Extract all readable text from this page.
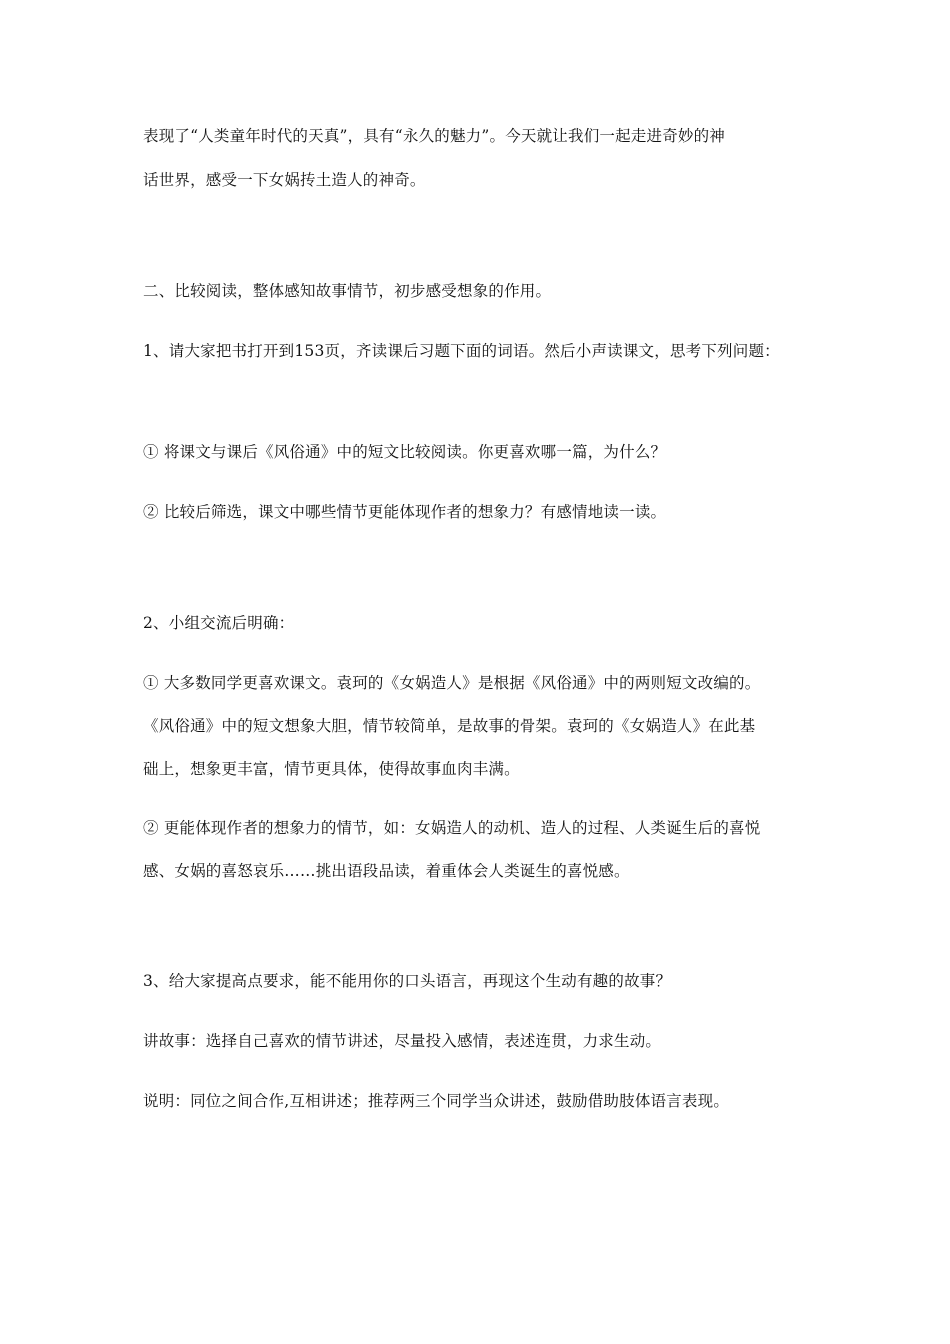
表现了“人类童年时代的天真”，具有“永久的魅力”。今天就让我们一起走进奇妙的神
话世界，感受一下女娲抟土造人的神奇。
二、比较阅读，整体感知故事情节，初步感受想象的作用。
1、请大家把书打开到153页，齐读课后习题下面的词语。然后小声读课文，思考下列问题：
① 将课文与课后《风俗通》中的短文比较阅读。你更喜欢哪一篇，为什么？
② 比较后筛选，课文中哪些情节更能体现作者的想象力？有感情地读一读。
2、小组交流后明确：
① 大多数同学更喜欢课文。袁珂的《女娲造人》是根据《风俗通》中的两则短文改编的。
《风俗通》中的短文想象大胆，情节较简单，是故事的骨架。袁珂的《女娲造人》在此基
础上，想象更丰富，情节更具体，使得故事血肉丰满。
② 更能体现作者的想象力的情节，如：女娲造人的动机、造人的过程、人类诞生后的喜悦
感、女娲的喜怒哀乐……挑出语段品读，着重体会人类诞生的喜悦感。
3、给大家提高点要求，能不能用你的口头语言，再现这个生动有趣的故事？
讲故事：选择自己喜欢的情节讲述，尽量投入感情，表述连贯，力求生动。
说明：同位之间合作,互相讲述；推荐两三个同学当众讲述，鼓励借助肢体语言表现。
